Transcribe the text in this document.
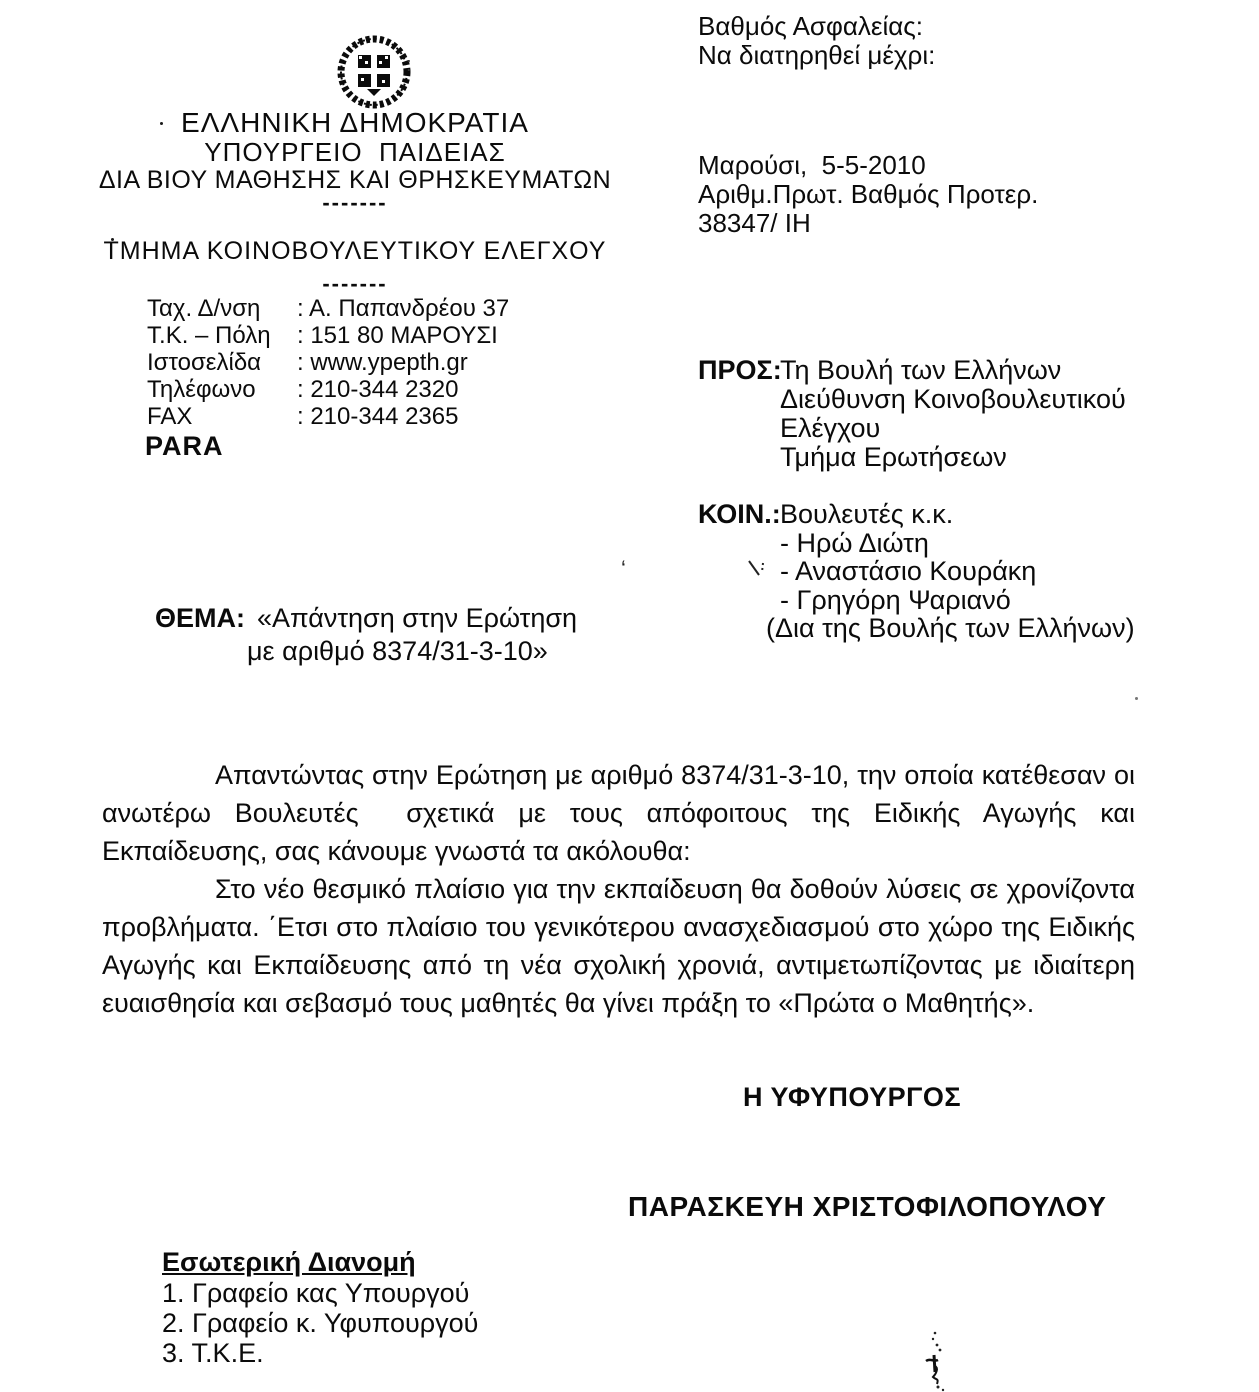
:
ΕΛΛΗΝΙΚΗ ΔΗΜΟΚΡΑΤΙΑ
ΥΠΟΥΡΓΕΙΟ  ΠΑΙΔΕΙΑΣ
ΔΙΑ ΒΙΟΥ ΜΑΘΗΣΗΣ ΚΑΙ ΘΡΗΣΚΕΥΜΑΤΩΝ
-------
ΤΜΗΜΑ ΚΟΙΝΟΒΟΥΛΕΥΤΙΚΟΥ ΕΛΕΓΧΟΥ
-------
Ταχ. Δ/νση	: Α. Παπανδρέου 37
Τ.Κ. – Πόλη	: 151 80 ΜΑΡΟΥΣΙ
Ιστοσελίδα	: www.ypepth.gr
Τηλέφωνο	: 210-344 2320
FAX	: 210-344 2365
PARA
Βαθμός Ασφαλείας:
Να διατηρηθεί μέχρι:
Μαρούσι,  5-5-2010
Αριθμ.Πρωτ. Βαθμός Προτερ.
38347/ ΙΗ
ΠΡΟΣ:
Τη Βουλή των Ελλήνων
Διεύθυνση Κοινοβουλευτικού
Ελέγχου
Τμήμα Ερωτήσεων
ΚΟΙΝ.: Βουλευτές κ.κ.
- Ηρώ Διώτη
- Αναστάσιο Κουράκη
- Γρηγόρη Ψαριανό
(Δια της Βουλής των Ελλήνων)
‘
ΘΕΜΑ: «Απάντηση στην Ερώτηση
με αριθμό 8374/31-3-10»

Απαντώντας στην Ερώτηση με αριθμό 8374/31-3-10, την οποία κατέθεσαν οι ανωτέρω Βουλευτές  σχετικά με τους απόφοιτους της Ειδικής Αγωγής και Εκπαίδευσης, σας κάνουμε γνωστά τα ακόλουθα:

Στο νέο θεσμικό πλαίσιο για την εκπαίδευση θα δοθούν λύσεις σε χρονίζοντα προβλήματα. ΄Ετσι στο πλαίσιο του γενικότερου ανασχεδιασμού στο χώρο της Ειδικής Αγωγής και Εκπαίδευσης από τη νέα σχολική χρονιά, αντιμετωπίζοντας με ιδιαίτερη ευαισθησία και σεβασμό τους μαθητές θα γίνει πράξη το «Πρώτα ο Μαθητής».

Η ΥΦΥΠΟΥΡΓΟΣ
ΠΑΡΑΣΚΕΥΗ ΧΡΙΣΤΟΦΙΛΟΠΟΥΛΟΥ
Εσωτερική Διανομή
1. Γραφείο κας Υπουργού
2. Γραφείο κ. Υφυπουργού
3. Τ.Κ.Ε.
